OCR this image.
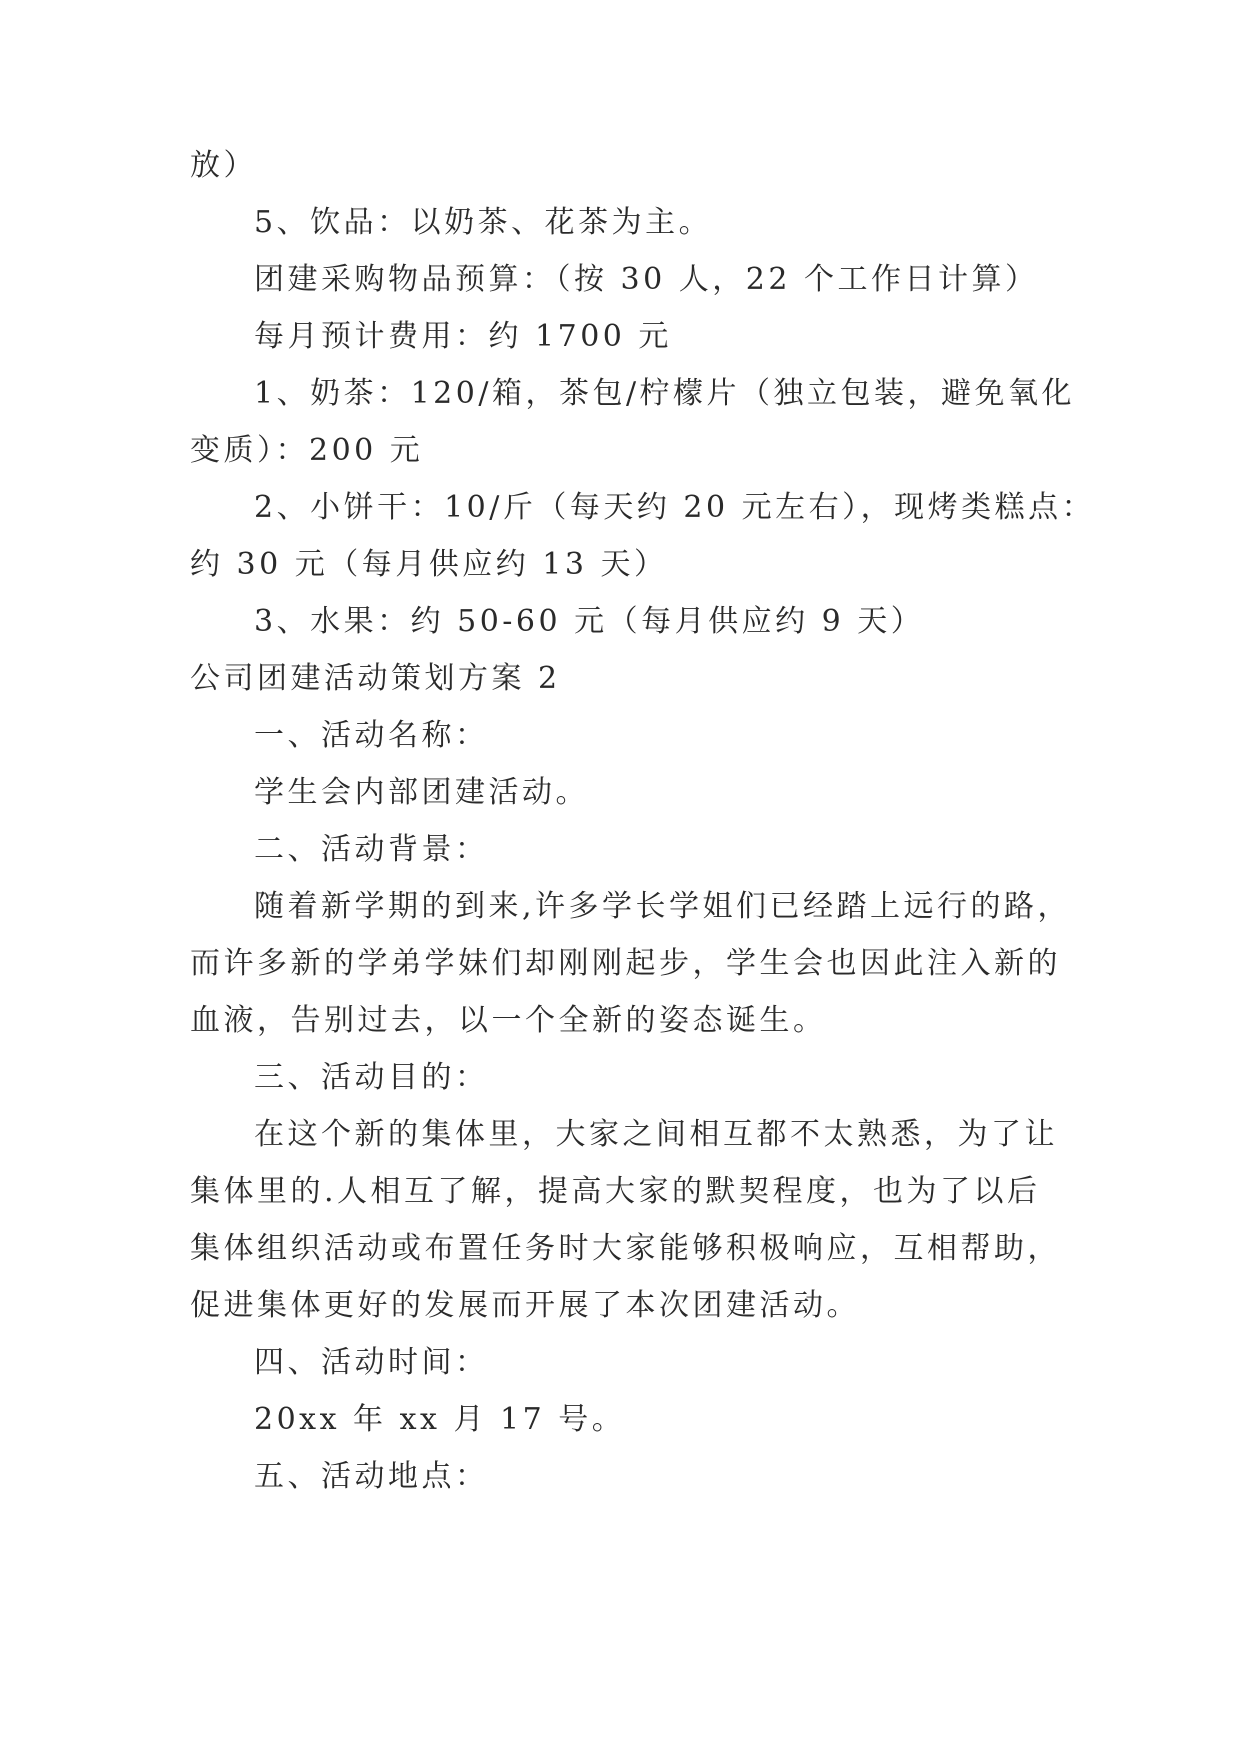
放）
5、饮品：以奶茶、花茶为主。
团建采购物品预算：（按 30 人，22 个工作日计算）
每月预计费用：约 1700 元
1、奶茶：120/箱，茶包/柠檬片（独立包装，避免氧化
变质）：200 元
2、小饼干：10/斤（每天约 20 元左右），现烤类糕点：
约 30 元（每月供应约 13 天）
3、水果：约 50-60 元（每月供应约 9 天）
公司团建活动策划方案 2
一、活动名称：
学生会内部团建活动。
二、活动背景：
随着新学期的到来,许多学长学姐们已经踏上远行的路，
而许多新的学弟学妹们却刚刚起步，学生会也因此注入新的
血液，告别过去，以一个全新的姿态诞生。
三、活动目的：
在这个新的集体里，大家之间相互都不太熟悉，为了让
集体里的.人相互了解，提高大家的默契程度，也为了以后
集体组织活动或布置任务时大家能够积极响应，互相帮助，
促进集体更好的发展而开展了本次团建活动。
四、活动时间：
20xx 年 xx 月 17 号。
五、活动地点：
